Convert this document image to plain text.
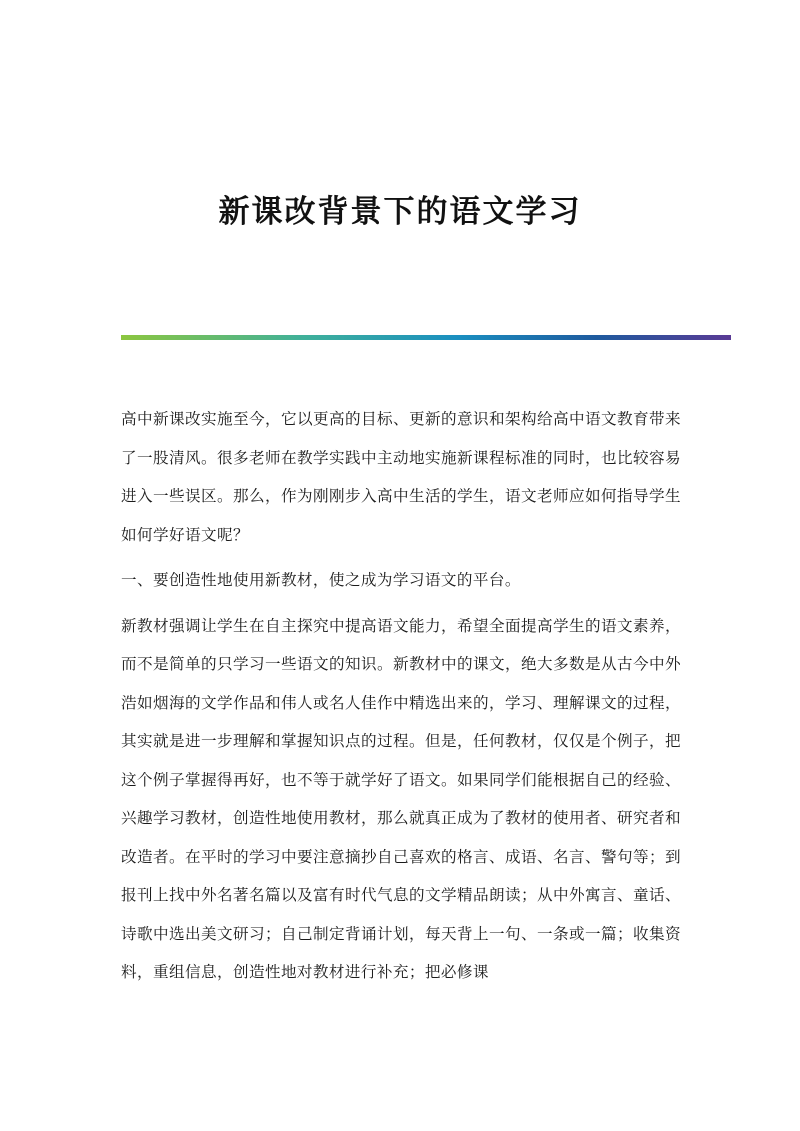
新课改背景下的语文学习

高中新课改实施至今，它以更高的目标、更新的意识和架构给高中语文教育带来了一股清风。很多老师在教学实践中主动地实施新课程标准的同时，也比较容易进入一些误区。那么，作为刚刚步入高中生活的学生，语文老师应如何指导学生如何学好语文呢？

一、要创造性地使用新教材，使之成为学习语文的平台。

新教材强调让学生在自主探究中提高语文能力，希望全面提高学生的语文素养，而不是简单的只学习一些语文的知识。新教材中的课文，绝大多数是从古今中外浩如烟海的文学作品和伟人或名人佳作中精选出来的，学习、理解课文的过程，其实就是进一步理解和掌握知识点的过程。但是，任何教材，仅仅是个例子，把这个例子掌握得再好，也不等于就学好了语文。如果同学们能根据自己的经验、兴趣学习教材，创造性地使用教材，那么就真正成为了教材的使用者、研究者和改造者。在平时的学习中要注意摘抄自己喜欢的格言、成语、名言、警句等；到报刊上找中外名著名篇以及富有时代气息的文学精品朗读；从中外寓言、童话、诗歌中选出美文研习；自己制定背诵计划，每天背上一句、一条或一篇；收集资料，重组信息，创造性地对教材进行补充；把必修课
